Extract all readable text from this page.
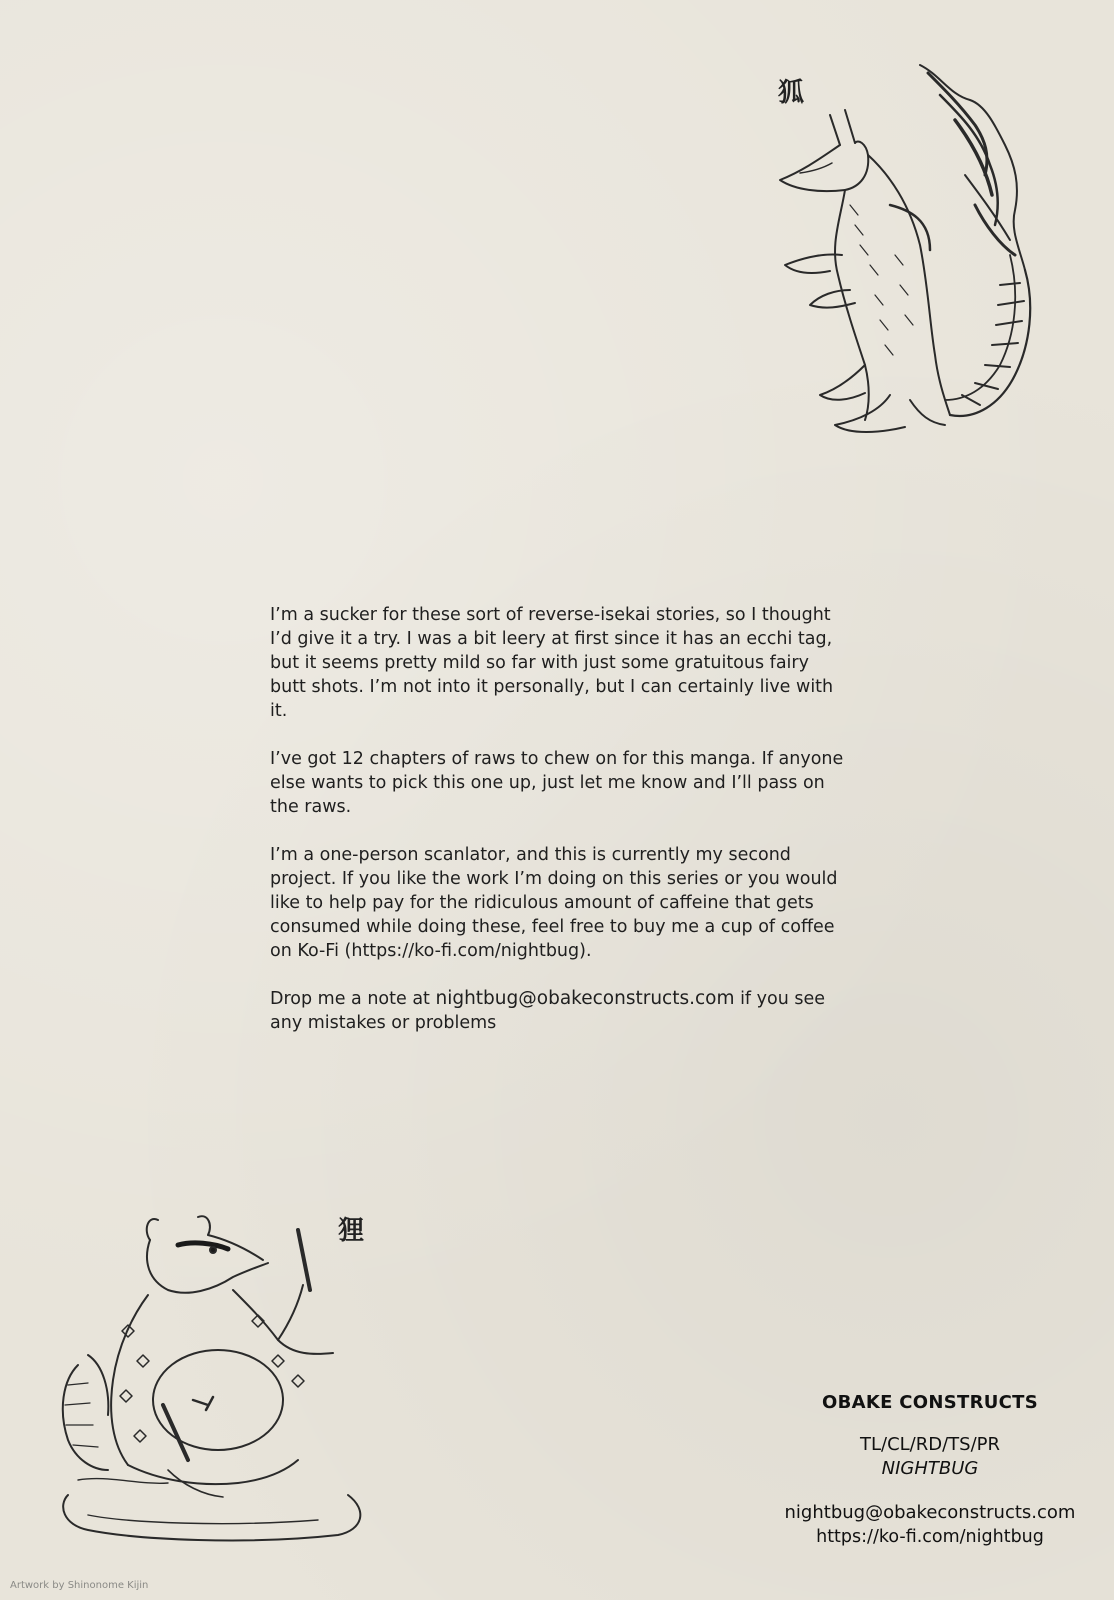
狐

I’m a sucker for these sort of reverse-isekai stories, so I thought I’d give it a try. I was a bit leery at first since it has an ecchi tag, but it seems pretty mild so far with just some gratuitous fairy butt shots. I’m not into it personally, but I can certainly live with it.

I’ve got 12 chapters of raws to chew on for this manga. If anyone else wants to pick this one up, just let me know and I’ll pass on the raws.

I’m a one-person scanlator, and this is currently my second project. If you like the work I’m doing on this series or you would like to help pay for the ridiculous amount of caffeine that gets consumed while doing these, feel free to buy me a cup of coffee on Ko-Fi (https://ko-fi.com/nightbug).

Drop me a note at nightbug@obakeconstructs.com if you see any mistakes or problems

狸
OBAKE CONSTRUCTS
TL/CL/RD/TS/PR
NIGHTBUG
nightbug@obakeconstructs.com
https://ko-fi.com/nightbug
Artwork by Shinonome Kijin
